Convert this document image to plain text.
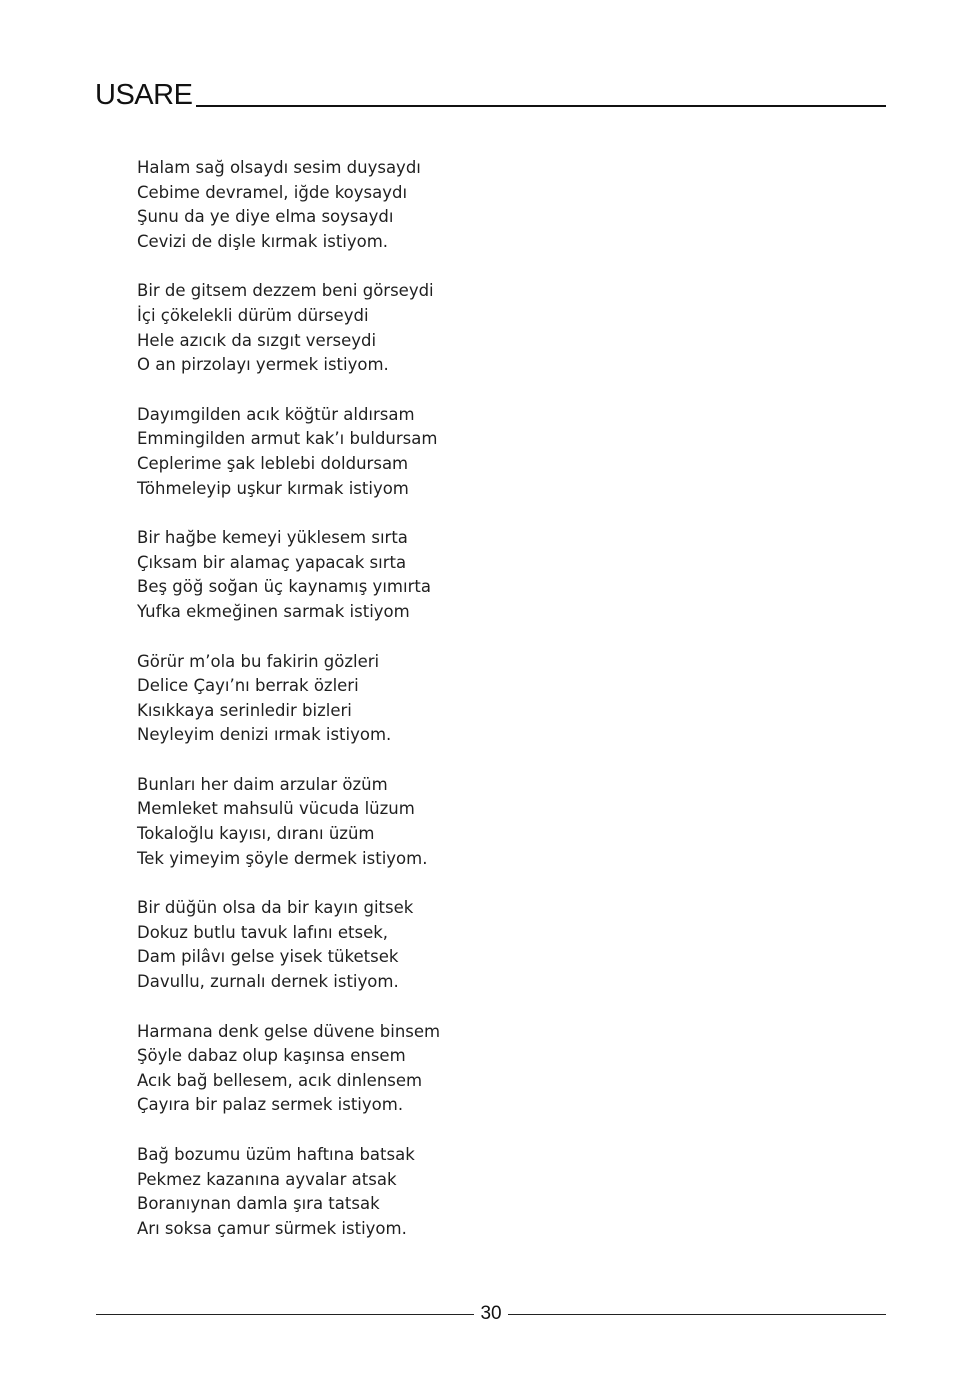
USARE
Halam sağ olsaydı sesim duysaydı
Cebime devramel, iğde koysaydı
Şunu da ye diye elma soysaydı
Cevizi de dişle kırmak istiyom.
Bir de gitsem dezzem beni görseydi
İçi çökelekli dürüm dürseydi
Hele azıcık da sızgıt verseydi
O an pirzolayı yermek istiyom.
Dayımgilden acık köğtür aldırsam
Emmingilden armut kak’ı buldursam
Ceplerime şak leblebi doldursam
Töhmeleyip uşkur kırmak istiyom
Bir hağbe kemeyi yüklesem sırta
Çıksam bir alamaç yapacak sırta
Beş göğ soğan üç kaynamış yımırta
Yufka ekmeğinen sarmak istiyom
Görür m’ola bu fakirin gözleri
Delice Çayı’nı berrak özleri
Kısıkkaya serinledir bizleri
Neyleyim denizi ırmak istiyom.
Bunları her daim arzular özüm
Memleket mahsulü vücuda lüzum
Tokaloğlu kayısı, dıranı üzüm
Tek yimeyim şöyle dermek istiyom.
Bir düğün olsa da bir kayın gitsek
Dokuz butlu tavuk lafını etsek,
Dam pilâvı gelse yisek tüketsek
Davullu, zurnalı dernek istiyom.
Harmana denk gelse düvene binsem
Şöyle dabaz olup kaşınsa ensem
Acık bağ bellesem, acık dinlensem
Çayıra bir palaz sermek istiyom.
Bağ bozumu üzüm haftına batsak
Pekmez kazanına ayvalar atsak
Boranıynan damla şıra tatsak
Arı soksa çamur sürmek istiyom.
30
